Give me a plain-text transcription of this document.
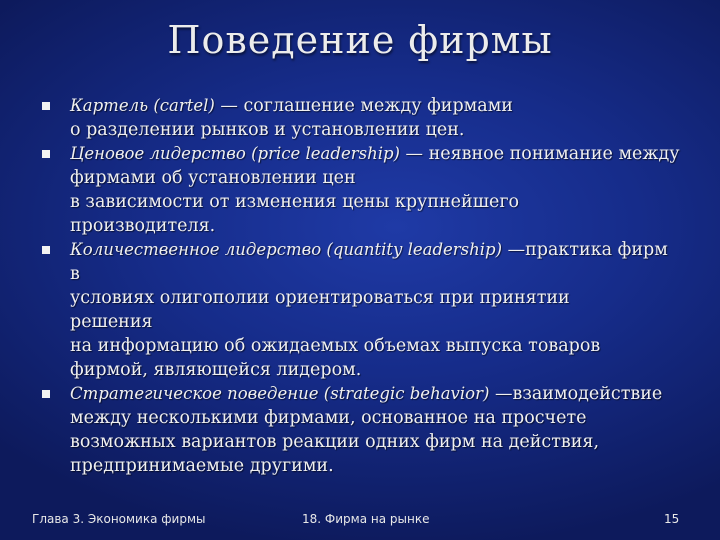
Поведение фирмы
Картель (cartel) — соглашение между фирмами
о разделении рынков и установлении цен.
Ценовое лидерство (price leadership) — неявное понимание между
фирмами об установлении цен
в зависимости от изменения цены крупнейшего
производителя.
Количественное лидерство (quantity leadership) —практика фирм в
условиях олигополии ориентироваться при принятии
решения
на информацию об ожидаемых объемах выпуска товаров
фирмой, являющейся лидером.
Стратегическое поведение (strategic behavior) —взаимодействие
между несколькими фирмами, основанное на просчете
возможных вариантов реакции одних фирм на действия,
предпринимаемые другими.
Глава 3. Экономика фирмы	18. Фирма на рынке	15
